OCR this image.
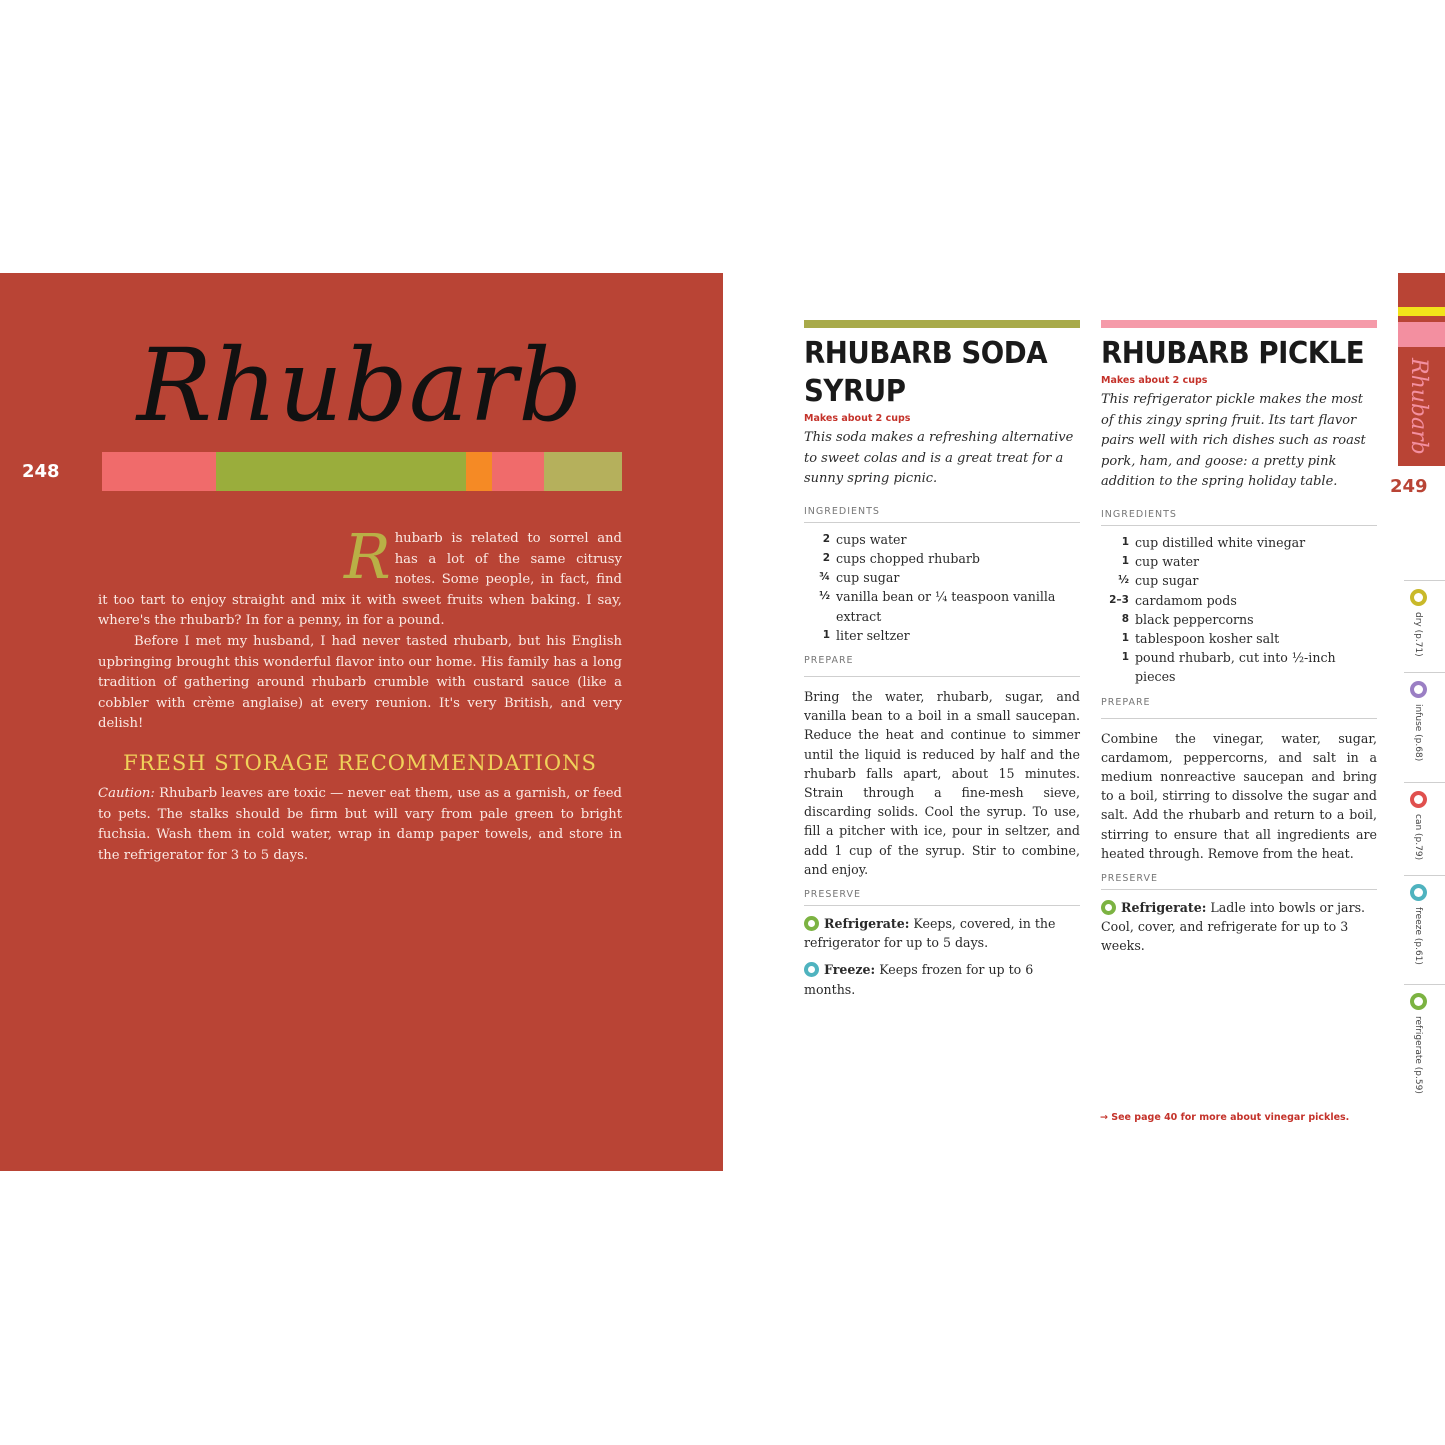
248
Rhubarb

Rhubarb is related to sorrel and has a lot of the same citrusy notes. Some people, in fact, find it too tart to enjoy straight and mix it with sweet fruits when baking. I say, where's the rhubarb? In for a penny, in for a pound.

Before I met my husband, I had never tasted rhubarb, but his English upbringing brought this wonderful flavor into our home. His family has a long tradition of gathering around rhubarb crumble with custard sauce (like a cobbler with crème anglaise) at every reunion. It's very British, and very delish!

FRESH STORAGE RECOMMENDATIONS

Caution: Rhubarb leaves are toxic — never eat them, use as a garnish, or feed to pets. The stalks should be firm but will vary from pale green to bright fuchsia. Wash them in cold water, wrap in damp paper towels, and store in the refrigerator for 3 to 5 days.

RHUBARB SODA
SYRUP
Makes about 2 cups
This soda makes a refreshing alternative to sweet colas and is a great treat for a sunny spring picnic.
INGREDIENTS
2 cups water
2 cups chopped rhubarb
¾ cup sugar
½ vanilla bean or ¼ teaspoon vanilla extract
1 liter seltzer
PREPARE
Bring the water, rhubarb, sugar, and vanilla bean to a boil in a small saucepan. Reduce the heat and continue to simmer until the liquid is reduced by half and the rhubarb falls apart, about 15 minutes. Strain through a fine-mesh sieve, discarding solids. Cool the syrup. To use, fill a pitcher with ice, pour in seltzer, and add 1 cup of the syrup. Stir to combine, and enjoy.
PRESERVE
Refrigerate: Keeps, covered, in the refrigerator for up to 5 days.
Freeze: Keeps frozen for up to 6 months.
RHUBARB PICKLE
Makes about 2 cups
This refrigerator pickle makes the most of this zingy spring fruit. Its tart flavor pairs well with rich dishes such as roast pork, ham, and goose: a pretty pink addition to the spring holiday table.
INGREDIENTS
1 cup distilled white vinegar
1 cup water
½ cup sugar
2–3 cardamom pods
8 black peppercorns
1 tablespoon kosher salt
1 pound rhubarb, cut into ½-inch pieces
PREPARE
Combine the vinegar, water, sugar, cardamom, peppercorns, and salt in a medium nonreactive saucepan and bring to a boil, stirring to dissolve the sugar and salt. Add the rhubarb and return to a boil, stirring to ensure that all ingredients are heated through. Remove from the heat.
PRESERVE
Refrigerate: Ladle into bowls or jars. Cool, cover, and refrigerate for up to 3 weeks.
→ See page 40 for more about vinegar pickles.
Rhubarb
249
dry (p.71)
infuse (p.68)
can (p.79)
freeze (p.61)
refrigerate (p.59)
